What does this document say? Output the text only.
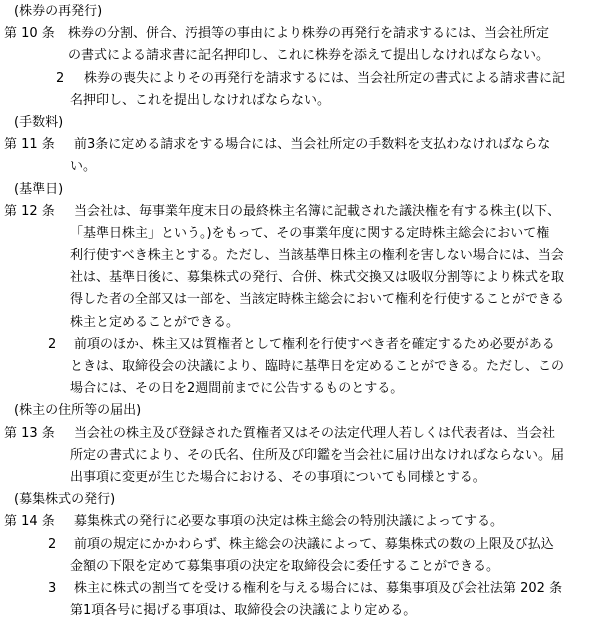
(株券の再発行)
第 10 条	株券の分割、併合、汚損等の事由により株券の再発行を請求するには、当会社所定
の書式による請求書に記名押印し、これに株券を添えて提出しなければならない。
2 株券の喪失によりその再発行を請求するには、当会社所定の書式による請求書に記
名押印し、これを提出しなければならない。
(手数料)
第 11 条	前3条に定める請求をする場合には、当会社所定の手数料を支払わなければならな
い。
(基準日)
第 12 条	当会社は、毎事業年度末日の最終株主名簿に記載された議決権を有する株主(以下、
「基準日株主」という。)をもって、その事業年度に関する定時株主総会において権
利行使すべき株主とする。ただし、当該基準日株主の権利を害しない場合には、当会
社は、基準日後に、募集株式の発行、合併、株式交換又は吸収分割等により株式を取
得した者の全部又は一部を、当該定時株主総会において権利を行使することができる
株主と定めることができる。
2 前項のほか、株主又は質権者として権利を行使すべき者を確定するため必要がある
ときは、取締役会の決議により、臨時に基準日を定めることができる。ただし、この
場合には、その日を2週間前までに公告するものとする。
(株主の住所等の届出)
第 13 条	当会社の株主及び登録された質権者又はその法定代理人若しくは代表者は、当会社
所定の書式により、その氏名、住所及び印鑑を当会社に届け出なければならない。届
出事項に変更が生じた場合における、その事項についても同様とする。
(募集株式の発行)
第 14 条	募集株式の発行に必要な事項の決定は株主総会の特別決議によってする。
2 前項の規定にかかわらず、株主総会の決議によって、募集株式の数の上限及び払込
金額の下限を定めて募集事項の決定を取締役会に委任することができる。
3 株主に株式の割当てを受ける権利を与える場合には、募集事項及び会社法第 202 条
第1項各号に掲げる事項は、取締役会の決議により定める。
